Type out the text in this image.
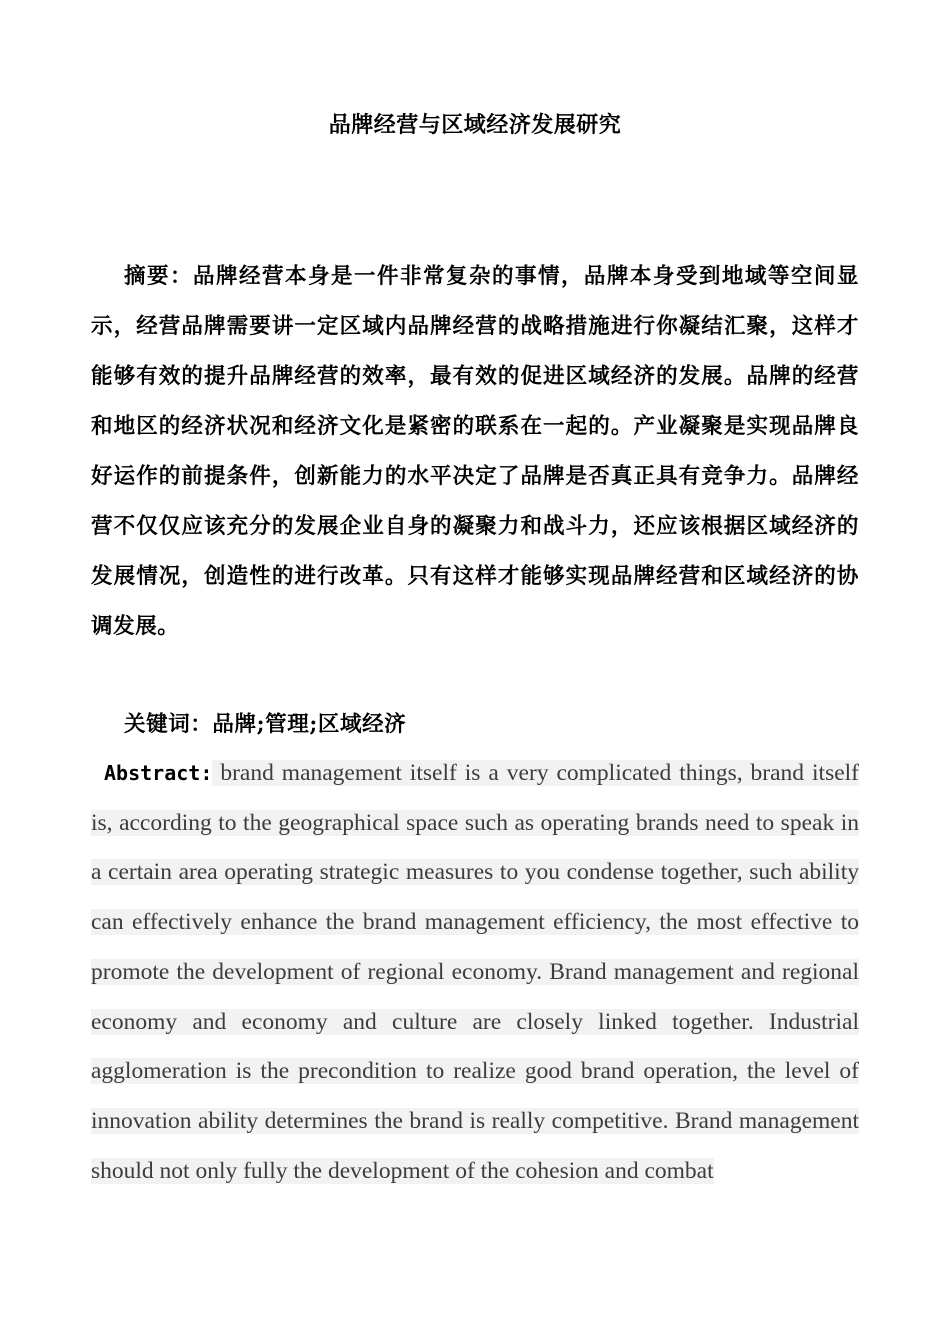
品牌经营与区域经济发展研究
摘要：品牌经营本身是一件非常复杂的事情，品牌本身受到地域等空间显示，经营品牌需要讲一定区域内品牌经营的战略措施进行你凝结汇聚，这样才能够有效的提升品牌经营的效率，最有效的促进区域经济的发展。品牌的经营和地区的经济状况和经济文化是紧密的联系在一起的。产业凝聚是实现品牌良好运作的前提条件，创新能力的水平决定了品牌是否真正具有竞争力。品牌经营不仅仅应该充分的发展企业自身的凝聚力和战斗力，还应该根据区域经济的发展情况，创造性的进行改革。只有这样才能够实现品牌经营和区域经济的协调发展。
关键词：品牌;管理;区域经济
Abstract: brand management itself is a very complicated things, brand itself is, according to the geographical space such as operating brands need to speak in a certain area operating strategic measures to you condense together, such ability can effectively enhance the brand management efficiency, the most effective to promote the development of regional economy. Brand management and regional economy and economy and culture are closely linked together. Industrial agglomeration is the precondition to realize good brand operation, the level of innovation ability determines the brand is really competitive. Brand management should not only fully the development of the cohesion and combat
